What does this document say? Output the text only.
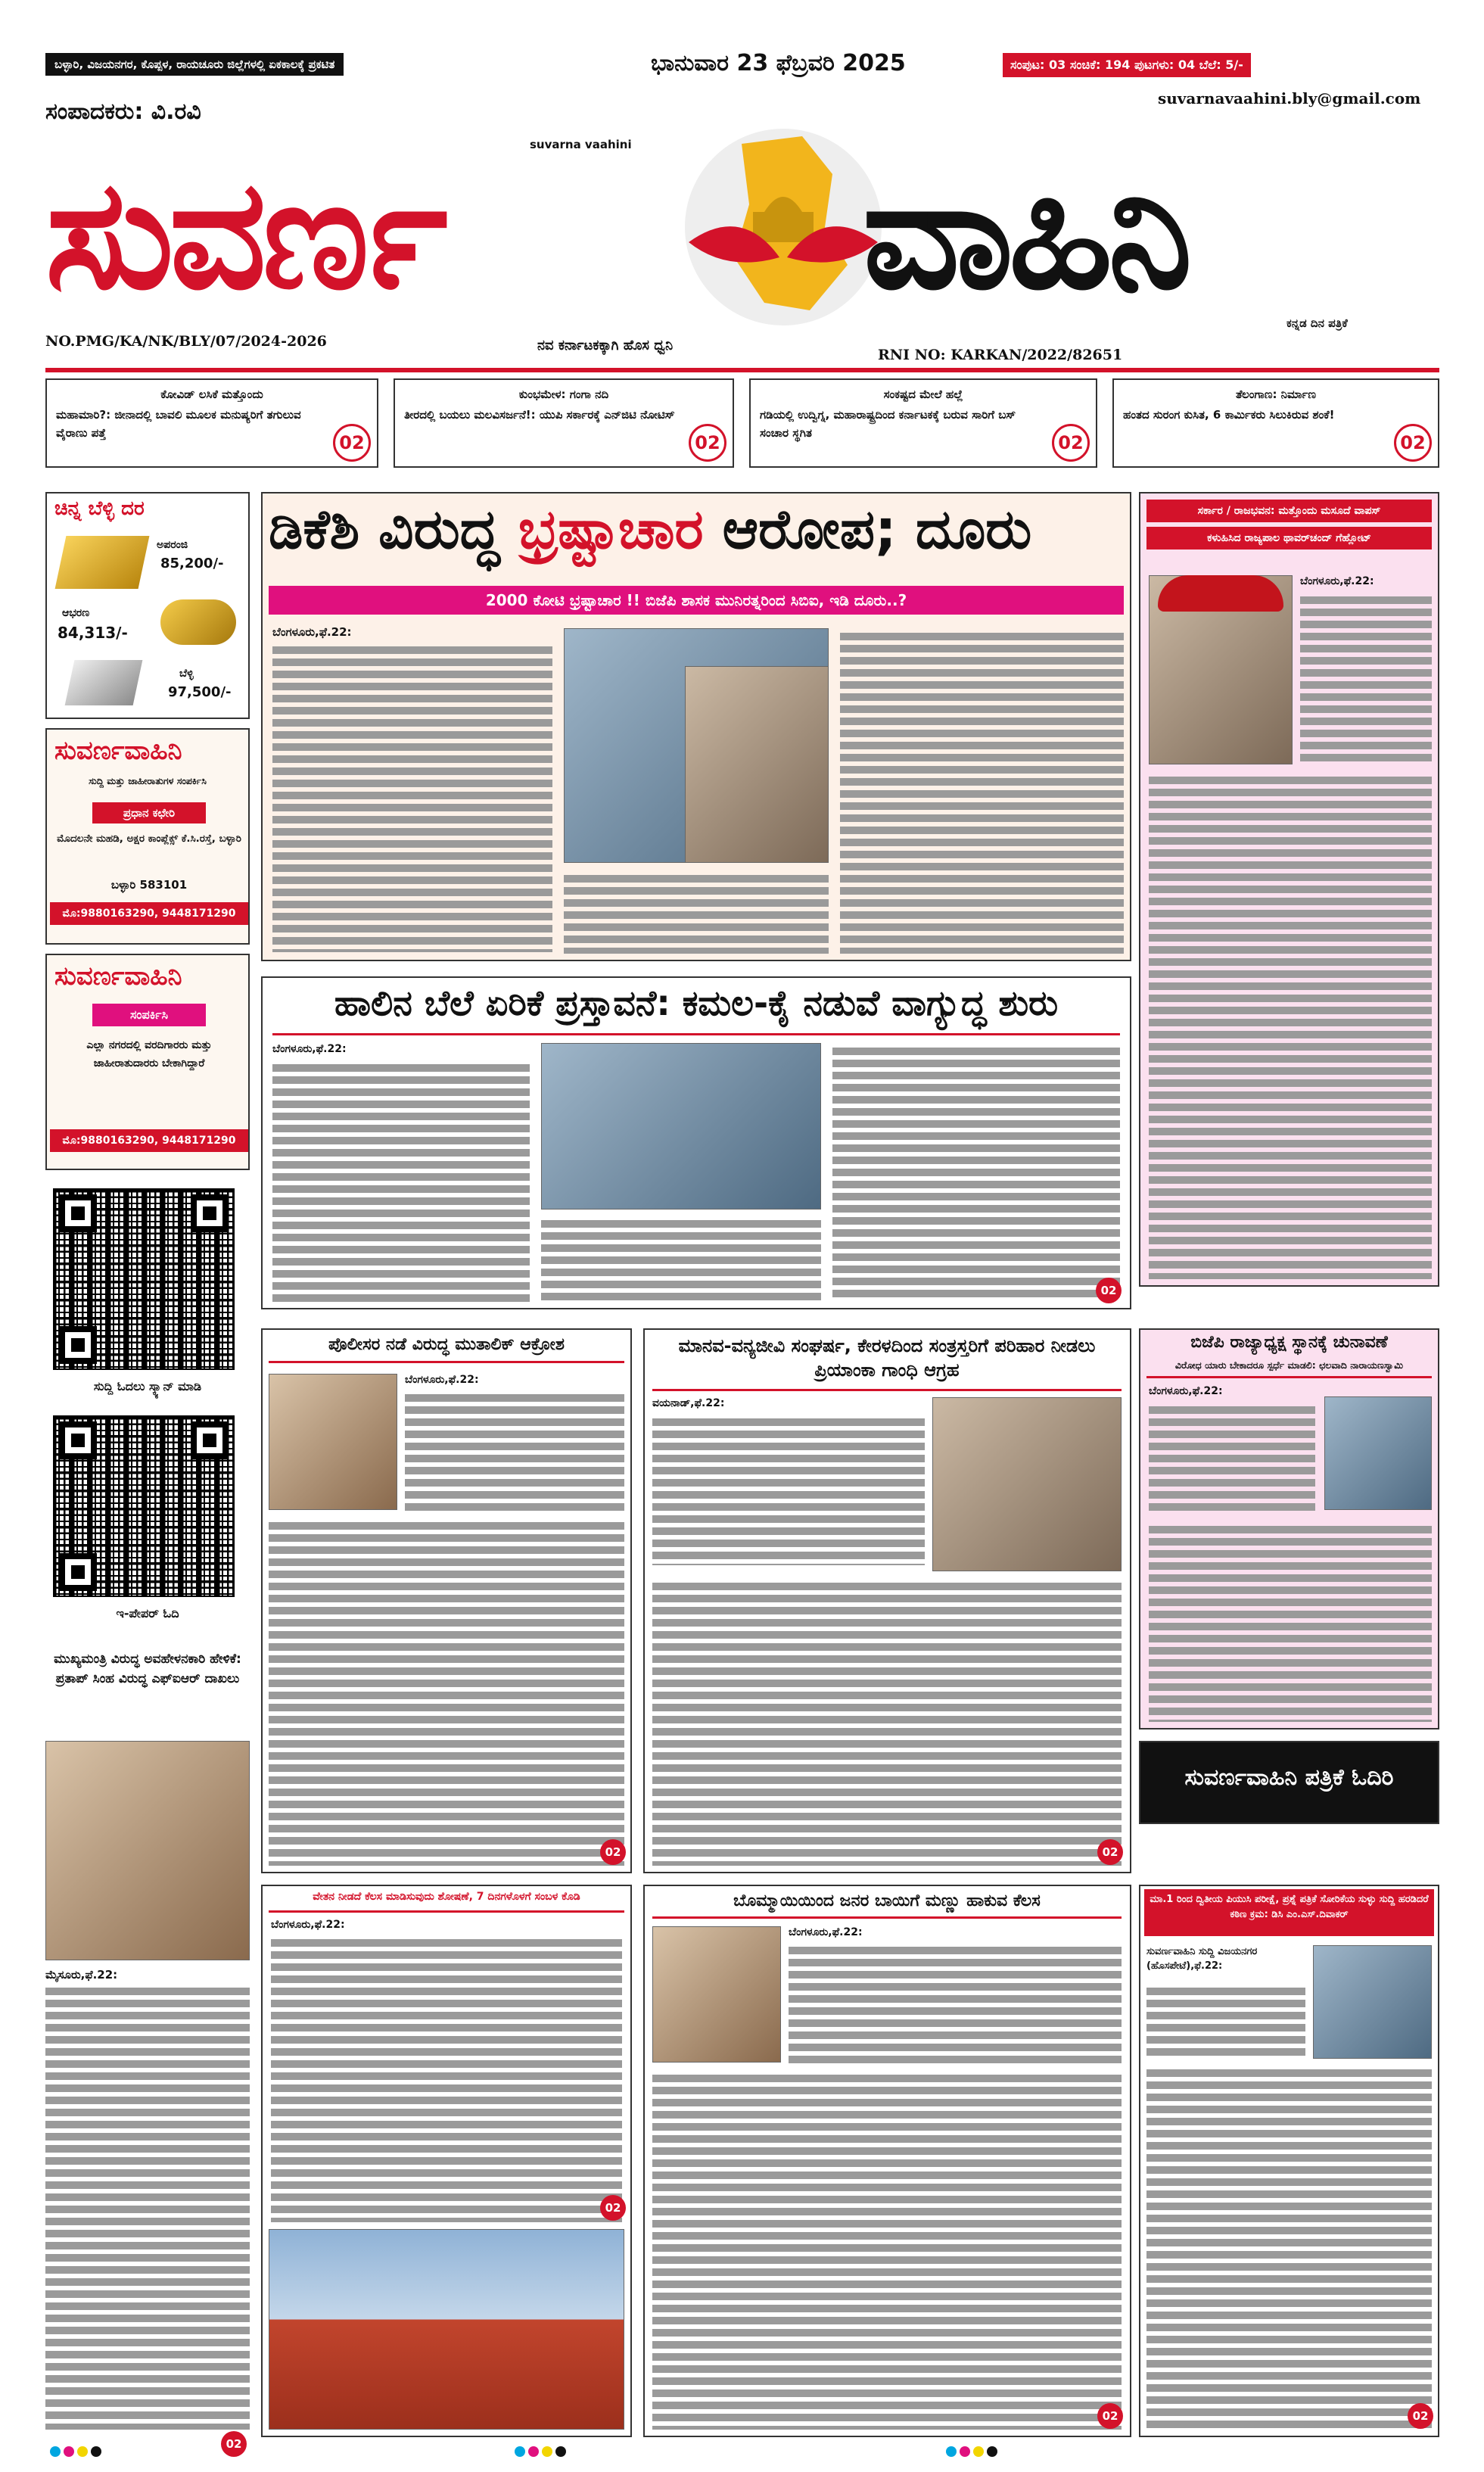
ಬಳ್ಳಾರಿ, ವಿಜಯನಗರ, ಕೊಪ್ಪಳ, ರಾಯಚೂರು ಜಿಲ್ಲೆಗಳಲ್ಲಿ ಏಕಕಾಲಕ್ಕೆ ಪ್ರಕಟಿತ	ಭಾನುವಾರ 23 ಫೆಬ್ರವರಿ 2025	ಸಂಪುಟ: 03 ಸಂಚಿಕೆ: 194 ಪುಟಗಳು: 04 ಬೆಲೆ: 5/-
suvarnavaahini.bly@gmail.com
ಸಂಪಾದಕರು: ವಿ.ರವಿ
suvarna vaahini
ಸುವರ್ಣ	ವಾಹಿನಿ	ಕನ್ನಡ ದಿನ ಪತ್ರಿಕೆ
NO.PMG/KA/NK/BLY/07/2024-2026	ನವ ಕರ್ನಾಟಕಕ್ಕಾಗಿ ಹೊಸ ಧ್ವನಿ
RNI NO: KARKAN/2022/82651
ಕೋವಿಡ್ ಲಸಿಕೆ ಮತ್ತೊಂದು
ಮಹಾಮಾರಿ?: ಜೀನಾದಲ್ಲಿ ಬಾವಲಿ ಮೂಲಕ ಮನುಷ್ಯರಿಗೆ ತಗುಲುವ ವೈರಾಣು ಪತ್ತೆ	02
ಕುಂಭಮೇಳ: ಗಂಗಾ ನದಿ
ತೀರದಲ್ಲಿ ಬಯಲು ಮಲವಿಸರ್ಜನೆ!: ಯುಪಿ ಸರ್ಕಾರಕ್ಕೆ ಎನ್‌ಜಿಟಿ ನೋಟಿಸ್
02
ಸಂಕಷ್ಟದ ಮೇಲೆ ಹಲ್ಲೆ
ಗಡಿಯಲ್ಲಿ ಉದ್ವಿಗ್ನ, ಮಹಾರಾಷ್ಟ್ರದಿಂದ ಕರ್ನಾಟಕಕ್ಕೆ ಬರುವ ಸಾರಿಗೆ ಬಸ್ ಸಂಚಾರ ಸ್ಥಗಿತ	02
ತೆಲಂಗಾಣ: ನಿರ್ಮಾಣ
ಹಂತದ ಸುರಂಗ ಕುಸಿತ, 6 ಕಾರ್ಮಿಕರು ಸಿಲುಕಿರುವ ಶಂಕೆ!
02
ಚಿನ್ನ ಬೆಳ್ಳಿ ದರ
ಅಪರಂಜಿ
85,200/-
ಆಭರಣ
84,313/-
ಬೆಳ್ಳಿ
97,500/-
ಸುವರ್ಣವಾಹಿನಿ
ಸುದ್ದಿ ಮತ್ತು ಜಾಹೀರಾತುಗಳ ಸಂಪರ್ಕಿಸಿ
ಪ್ರಧಾನ ಕಛೇರಿ
ಮೊದಲನೇ ಮಹಡಿ, ಅಕ್ಷರ ಕಾಂಪ್ಲೆಕ್ಸ್ ಕೆ.ಸಿ.ರಸ್ತೆ, ಬಳ್ಳಾರಿ
ಬಳ್ಳಾರಿ 583101
ಮೊ:9880163290, 9448171290
ಸುವರ್ಣವಾಹಿನಿ
ಸಂಪರ್ಕಿಸಿ
ಎಲ್ಲಾ ನಗರದಲ್ಲಿ ವರದಿಗಾರರು ಮತ್ತು ಜಾಹೀರಾತುದಾರರು ಬೇಕಾಗಿದ್ದಾರೆ
ಮೊ:9880163290, 9448171290
ಸುದ್ದಿ ಓದಲು ಸ್ಕ್ಯಾನ್ ಮಾಡಿ
ಇ-ಪೇಪರ್ ಓದಿ
ಮುಖ್ಯಮಂತ್ರಿ ವಿರುದ್ಧ ಅವಹೇಳನಕಾರಿ ಹೇಳಿಕೆ: ಪ್ರತಾಪ್ ಸಿಂಹ ವಿರುದ್ಧ ಎಫ್‌ಐಆರ್ ದಾಖಲು
ಮೈಸೂರು,ಫೆ.22:
02
ಡಿಕೆಶಿ ವಿರುದ್ಧ ಭ್ರಷ್ಟಾಚಾರ ಆರೋಪ; ದೂರು
2000 ಕೋಟಿ ಭ್ರಷ್ಟಾಚಾರ !! ಬಿಜೆಪಿ ಶಾಸಕ ಮುನಿರತ್ನರಿಂದ ಸಿಬಿಐ, ಇಡಿ ದೂರು..?
ಬೆಂಗಳೂರು,ಫೆ.22:
ಸರ್ಕಾರ / ರಾಜಭವನ: ಮತ್ತೊಂದು ಮಸೂದೆ ವಾಪಸ್
ಕಳುಹಿಸಿದ ರಾಜ್ಯಪಾಲ ಥಾವರ್‌ಚಂದ್ ಗೆಹ್ಲೋಟ್
ಬೆಂಗಳೂರು,ಫೆ.22:
ಹಾಲಿನ ಬೆಲೆ ಏರಿಕೆ ಪ್ರಸ್ತಾವನೆ: ಕಮಲ-ಕೈ ನಡುವೆ ವಾಗ್ಯುದ್ಧ ಶುರು
ಬೆಂಗಳೂರು,ಫೆ.22:
02
ಪೊಲೀಸರ ನಡೆ ವಿರುದ್ಧ ಮುತಾಲಿಕ್ ಆಕ್ರೋಶ
ಬೆಂಗಳೂರು,ಫೆ.22:
02
ಮಾನವ-ವನ್ಯಜೀವಿ ಸಂಘರ್ಷ, ಕೇರಳದಿಂದ ಸಂತ್ರಸ್ತರಿಗೆ ಪರಿಹಾರ ನೀಡಲು ಪ್ರಿಯಾಂಕಾ ಗಾಂಧಿ ಆಗ್ರಹ
ವಯನಾಡ್,ಫೆ.22:
02
ಬಿಜೆಪಿ ರಾಜ್ಯಾಧ್ಯಕ್ಷ ಸ್ಥಾನಕ್ಕೆ ಚುನಾವಣೆ
ವಿರೋಧ ಯಾರು ಬೇಕಾದರೂ ಸ್ಪರ್ಧೆ ಮಾಡಲಿ: ಛಲವಾದಿ ನಾರಾಯಣಸ್ವಾಮಿ
ಬೆಂಗಳೂರು,ಫೆ.22:
ಸುವರ್ಣವಾಹಿನಿ ಪತ್ರಿಕೆ ಓದಿರಿ
ವೇತನ ನೀಡದೆ ಕೆಲಸ ಮಾಡಿಸುವುದು ಶೋಷಣೆ, 7 ದಿನಗಳೊಳಗೆ ಸಂಬಳ ಕೊಡಿ
ಬೆಂಗಳೂರು,ಫೆ.22:
02
ಬೊಮ್ಮಾಯಿಯಿಂದ ಜನರ ಬಾಯಿಗೆ ಮಣ್ಣು ಹಾಕುವ ಕೆಲಸ
ಬೆಂಗಳೂರು,ಫೆ.22:
02
ಮಾ.1 ರಿಂದ ದ್ವಿತೀಯ ಪಿಯುಸಿ ಪರೀಕ್ಷೆ, ಪ್ರಶ್ನೆ ಪತ್ರಿಕೆ ಸೋರಿಕೆಯ ಸುಳ್ಳು ಸುದ್ದಿ ಹರಡಿದರೆ ಕಠಿಣ ಕ್ರಮ: ಡಿಸಿ ಎಂ.ಎಸ್.ದಿವಾಕರ್
ಸುವರ್ಣವಾಹಿನಿ ಸುದ್ದಿ ವಿಜಯನಗರ (ಹೊಸಪೇಟೆ),ಫೆ.22:
02
